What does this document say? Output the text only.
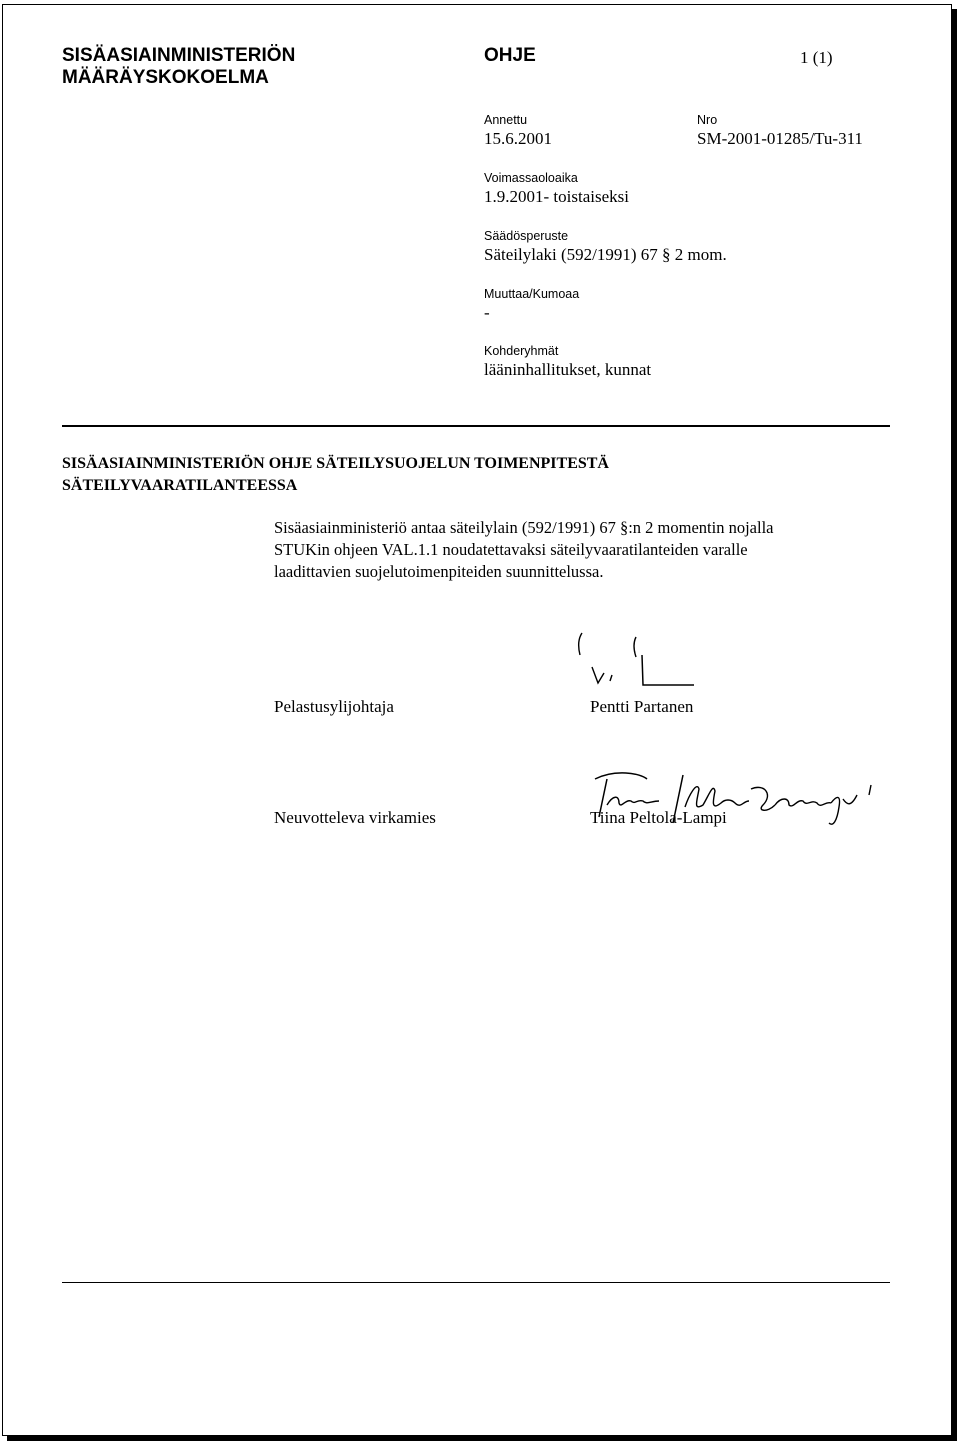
SISÄASIAINMINISTERIÖN
MÄÄRÄYSKOKOELMA
OHJE	1 (1)
Annettu
15.6.2001
Nro
SM-2001-01285/Tu-311
Voimassaoloaika
1.9.2001- toistaiseksi
Säädösperuste
Säteilylaki (592/1991) 67 § 2 mom.
Muuttaa/Kumoaa
-
Kohderyhmät
lääninhallitukset, kunnat
SISÄASIAINMINISTERIÖN OHJE SÄTEILYSUOJELUN TOIMENPITESTÄ
SÄTEILYVAARATILANTEESSA
Sisäasiainministeriö antaa säteilylain (592/1991) 67 §:n 2 momentin nojalla
STUKin ohjeen VAL.1.1 noudatettavaksi säteilyvaaratilanteiden varalle
laadittavien suojelutoimenpiteiden suunnittelussa.
Pelastusylijohtaja	Pentti Partanen
Neuvotteleva virkamies	Tiina Peltola-Lampi
